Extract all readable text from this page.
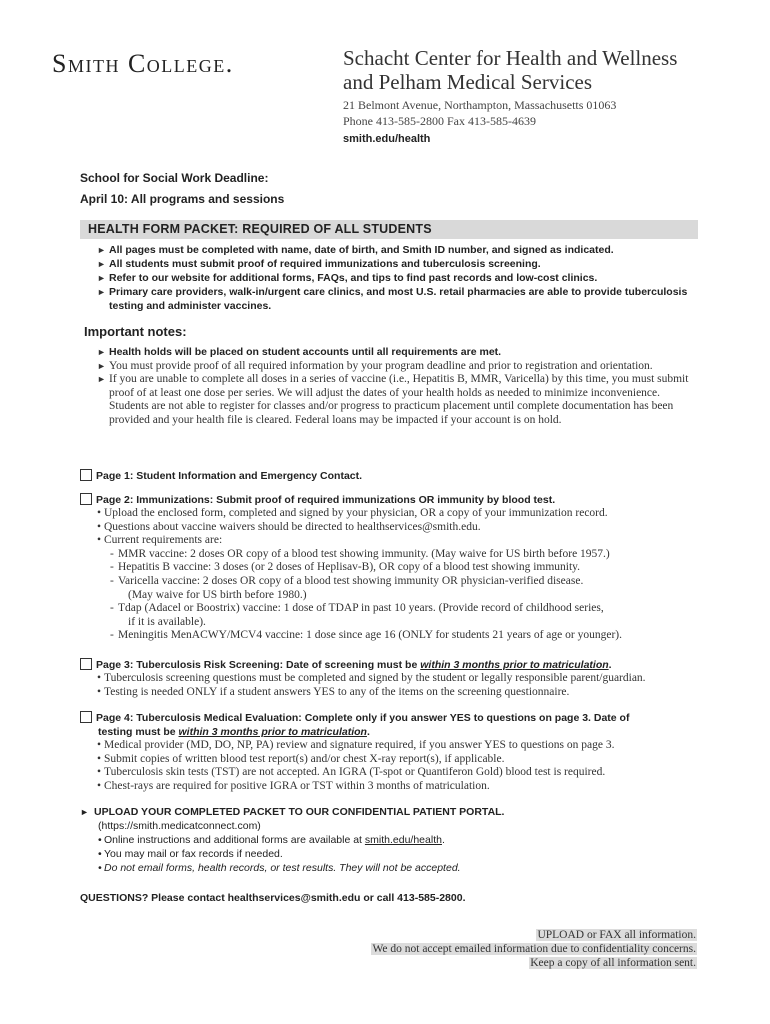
Smith College.	Schacht Center for Health and Wellness
and Pelham Medical Services
21 Belmont Avenue, Northampton, Massachusetts 01063
Phone 413-585-2800 Fax 413-585-4639
smith.edu/health
School for Social Work Deadline:
April 10: All programs and sessions
HEALTH FORM PACKET: REQUIRED OF ALL STUDENTS
► All pages must be completed with name, date of birth, and Smith ID number, and signed as indicated.
► All students must submit proof of required immunizations and tuberculosis screening.
► Refer to our website for additional forms, FAQs, and tips to find past records and low-cost clinics.
► Primary care providers, walk-in/urgent care clinics, and most U.S. retail pharmacies are able to provide tuberculosis testing and administer vaccines.
Important notes:
► Health holds will be placed on student accounts until all requirements are met.
► You must provide proof of all required information by your program deadline and prior to registration and orientation.
► If you are unable to complete all doses in a series of vaccine (i.e., Hepatitis B, MMR, Varicella) by this time, you must submit proof of at least one dose per series. We will adjust the dates of your health holds as needed to minimize inconvenience. Students are not able to register for classes and/or progress to practicum placement until complete documentation has been provided and your health file is cleared. Federal loans may be impacted if your account is on hold.
Page 1: Student Information and Emergency Contact.
Page 2: Immunizations: Submit proof of required immunizations OR immunity by blood test.
• Upload the enclosed form, completed and signed by your physician, OR a copy of your immunization record.
• Questions about vaccine waivers should be directed to healthservices@smith.edu.
• Current requirements are:
- MMR vaccine: 2 doses OR copy of a blood test showing immunity. (May waive for US birth before 1957.)
- Hepatitis B vaccine: 3 doses (or 2 doses of Heplisav-B), OR copy of a blood test showing immunity.
- Varicella vaccine: 2 doses OR copy of a blood test showing immunity OR physician-verified disease.
(May waive for US birth before 1980.)
- Tdap (Adacel or Boostrix) vaccine: 1 dose of TDAP in past 10 years. (Provide record of childhood series,
if it is available).
- Meningitis MenACWY/MCV4 vaccine: 1 dose since age 16 (ONLY for students 21 years of age or younger).
Page 3: Tuberculosis Risk Screening: Date of screening must be within 3 months prior to matriculation.
• Tuberculosis screening questions must be completed and signed by the student or legally responsible parent/guardian.
• Testing is needed ONLY if a student answers YES to any of the items on the screening questionnaire.
Page 4: Tuberculosis Medical Evaluation: Complete only if you answer YES to questions on page 3. Date of
testing must be within 3 months prior to matriculation.
• Medical provider (MD, DO, NP, PA) review and signature required, if you answer YES to questions on page 3.
• Submit copies of written blood test report(s) and/or chest X-ray report(s), if applicable.
• Tuberculosis skin tests (TST) are not accepted. An IGRA (T-spot or Quantiferon Gold) blood test is required.
• Chest-rays are required for positive IGRA or TST within 3 months of matriculation.
► UPLOAD YOUR COMPLETED PACKET TO OUR CONFIDENTIAL PATIENT PORTAL.
(https://smith.medicatconnect.com)
• Online instructions and additional forms are available at smith.edu/health.
• You may mail or fax records if needed.
• Do not email forms, health records, or test results. They will not be accepted.
QUESTIONS? Please contact healthservices@smith.edu or call 413-585-2800.
UPLOAD or FAX all information.
We do not accept emailed information due to confidentiality concerns.
Keep a copy of all information sent.
